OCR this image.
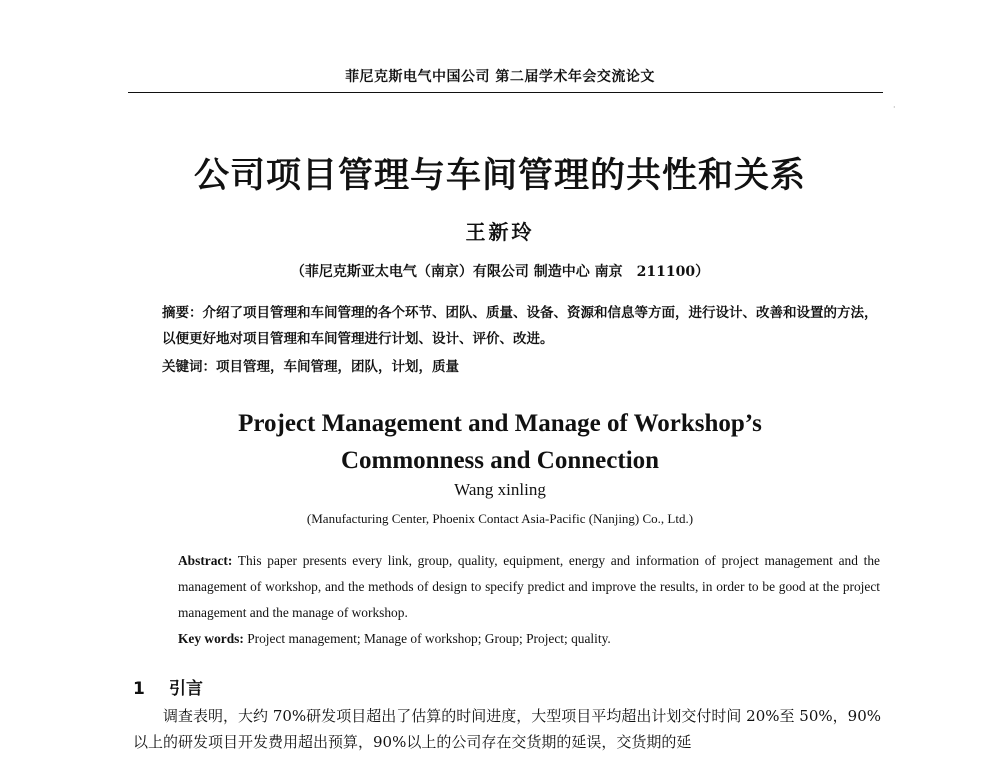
菲尼克斯电气中国公司 第二届学术年会交流论文
·
公司项目管理与车间管理的共性和关系
王新玲
（菲尼克斯亚太电气（南京）有限公司 制造中心 南京　211100）
摘要：介绍了项目管理和车间管理的各个环节、团队、质量、设备、资源和信息等方面，进行设计、改善和设置的方法，以便更好地对项目管理和车间管理进行计划、设计、评价、改进。
关键词：项目管理，车间管理，团队，计划，质量
Project Management and Manage of Workshop’s
Commonness and Connection
Wang xinling
(Manufacturing Center, Phoenix Contact Asia-Pacific (Nanjing) Co., Ltd.)
Abstract: This paper presents every link, group, quality, equipment, energy and information of project management and the management of workshop, and the methods of design to specify predict and improve the results, in order to be good at the project management and the manage of workshop.
Key words: Project management; Manage of workshop; Group; Project; quality.
1 引言
调查表明，大约 70%研发项目超出了估算的时间进度，大型项目平均超出计划交付时间 20%至 50%，90%以上的研发项目开发费用超出预算，90%以上的公司存在交货期的延误，交货期的延
